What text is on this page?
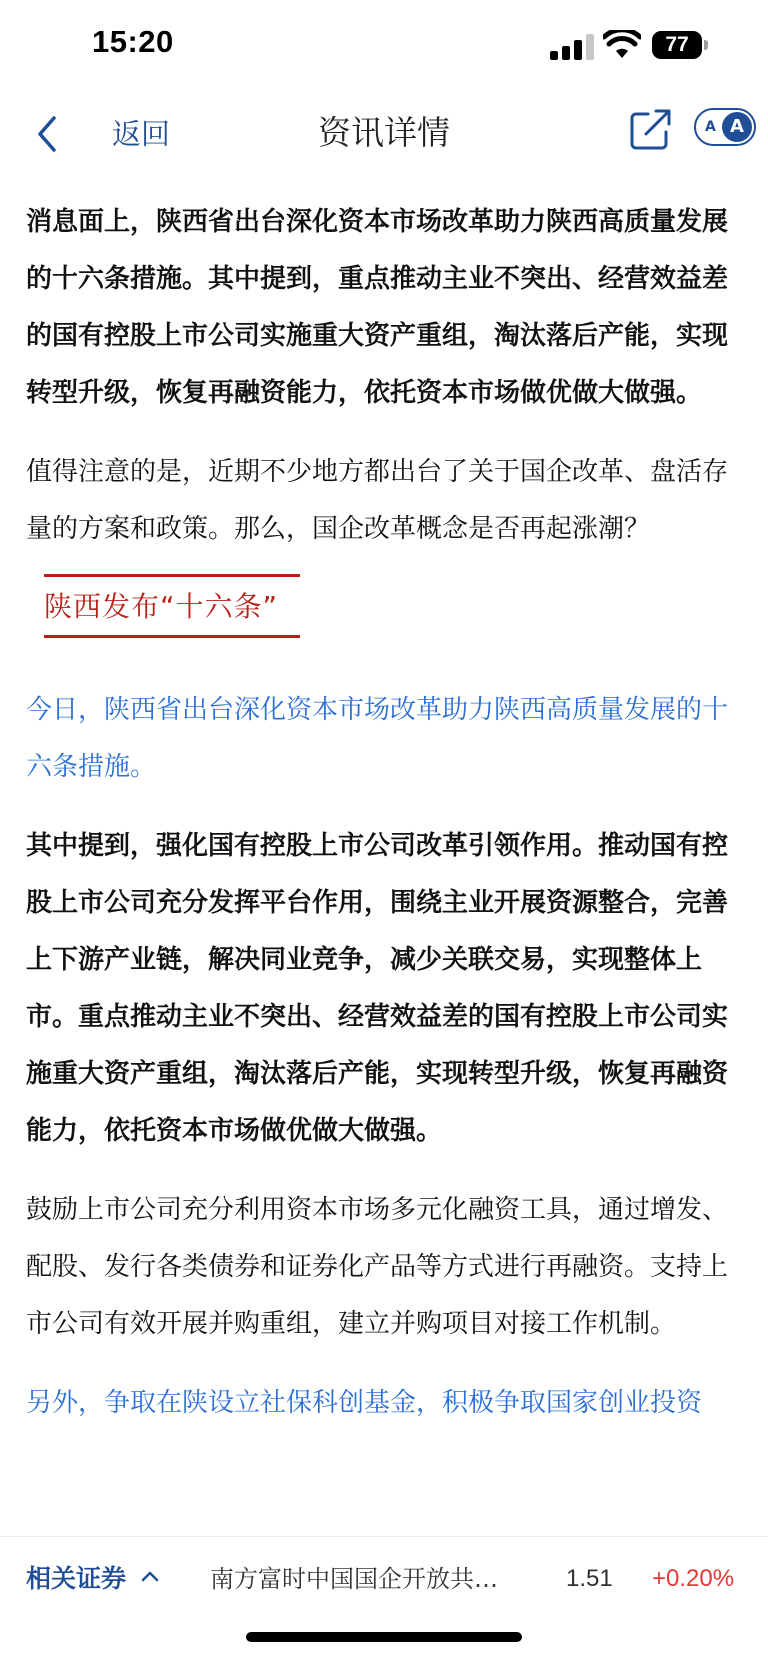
15:20	77
返回	资讯详情	A A

消息面上，陕西省出台深化资本市场改革助力陕西高质量发展的十六条措施。其中提到，重点推动主业不突出、经营效益差的国有控股上市公司实施重大资产重组，淘汰落后产能，实现转型升级，恢复再融资能力，依托资本市场做优做大做强。

值得注意的是，近期不少地方都出台了关于国企改革、盘活存量的方案和政策。那么，国企改革概念是否再起涨潮？

陕西发布“十六条”

今日，陕西省出台深化资本市场改革助力陕西高质量发展的十六条措施。

其中提到，强化国有控股上市公司改革引领作用。推动国有控股上市公司充分发挥平台作用，围绕主业开展资源整合，完善上下游产业链，解决同业竞争，减少关联交易，实现整体上市。重点推动主业不突出、经营效益差的国有控股上市公司实施重大资产重组，淘汰落后产能，实现转型升级，恢复再融资能力，依托资本市场做优做大做强。

鼓励上市公司充分利用资本市场多元化融资工具，通过增发、配股、发行各类债券和证券化产品等方式进行再融资。支持上市公司有效开展并购重组，建立并购项目对接工作机制。

另外，争取在陕设立社保科创基金，积极争取国家创业投资

相关证券	南方富时中国国企开放共…	1.51 +0.20%
